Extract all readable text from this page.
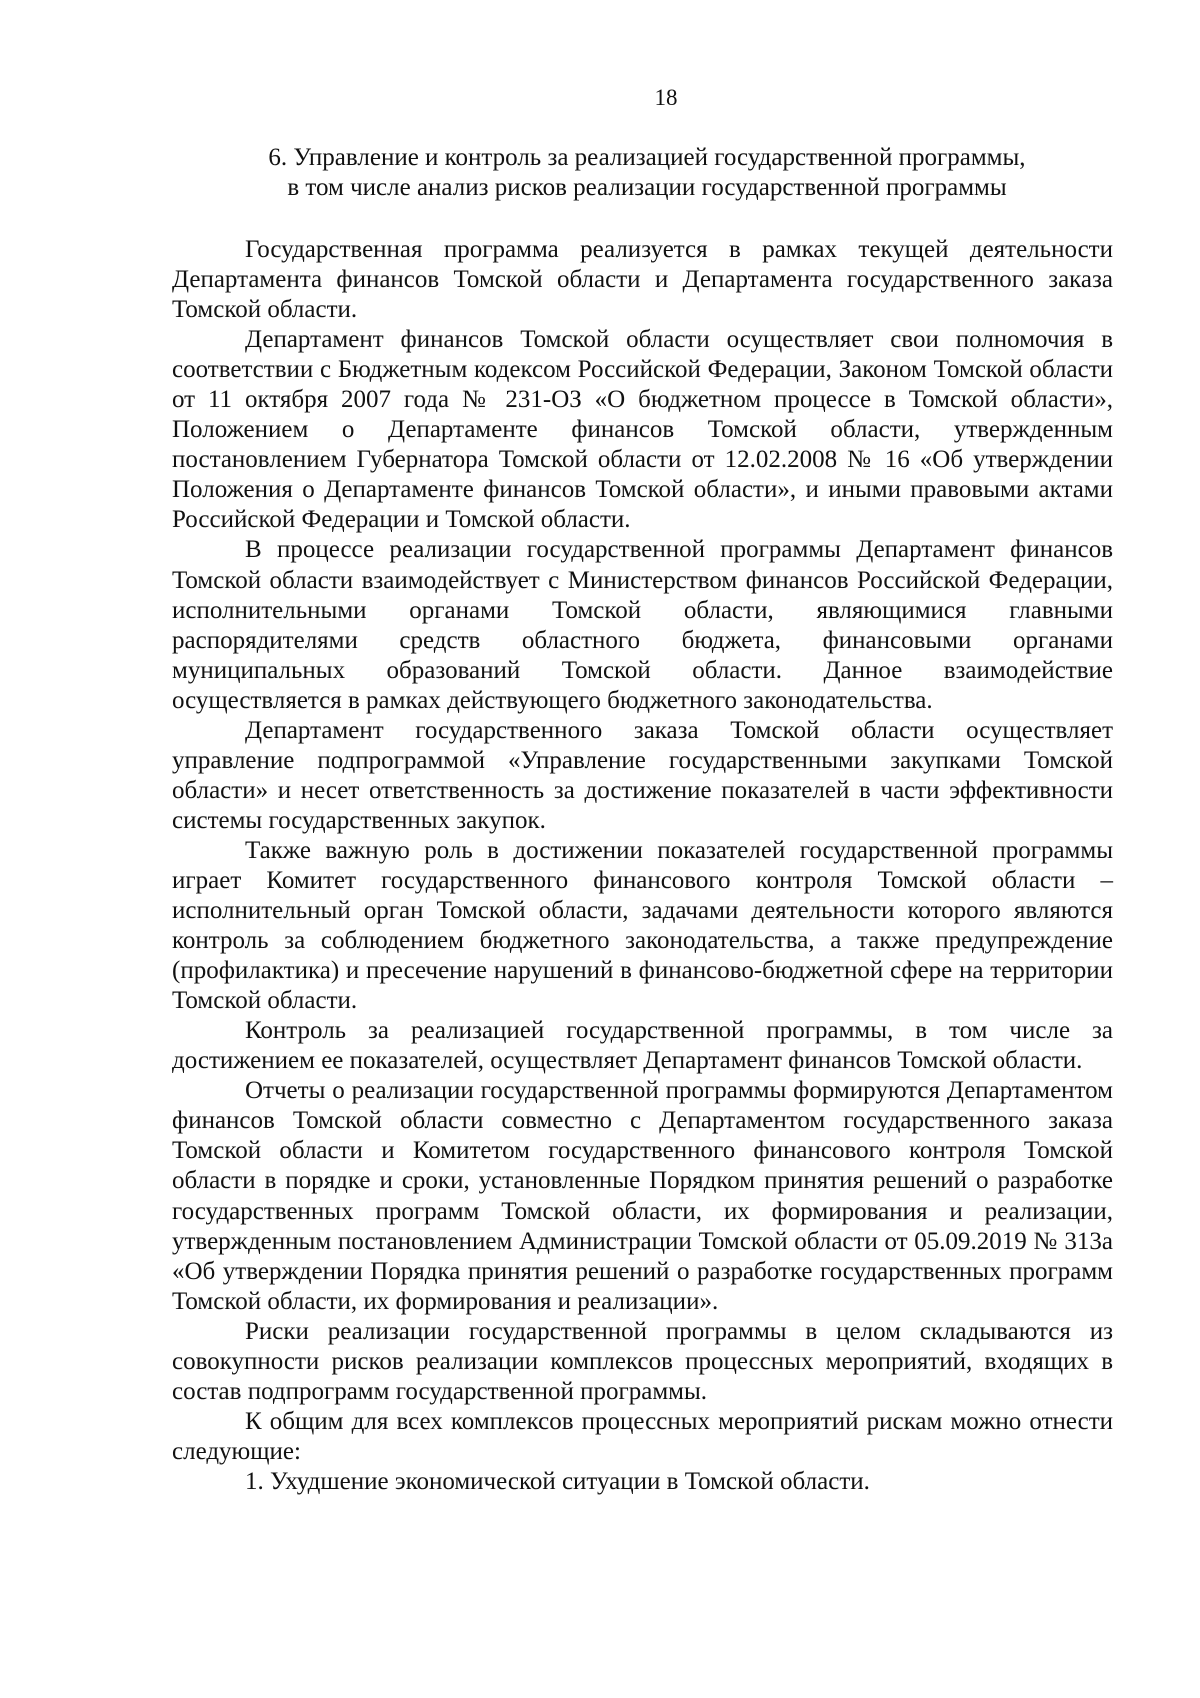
18
6. Управление и контроль за реализацией государственной программы,
в том числе анализ рисков реализации государственной программы

Государственная программа реализуется в рамках текущей деятельности Департамента финансов Томской области и Департамента государственного заказа Томской области.

Департамент финансов Томской области осуществляет свои полномочия в соответствии с Бюджетным кодексом Российской Федерации, Законом Томской области от 11 октября 2007 года № 231-ОЗ «О бюджетном процессе в Томской области», Положением о Департаменте финансов Томской области, утвержденным постановлением Губернатора Томской области от 12.02.2008 № 16 «Об утверждении Положения о Департаменте финансов Томской области», и иными правовыми актами Российской Федерации и Томской области.

В процессе реализации государственной программы Департамент финансов Томской области взаимодействует с Министерством финансов Российской Федерации, исполнительными органами Томской области, являющимися главными распорядителями средств областного бюджета, финансовыми органами муниципальных образований Томской области. Данное взаимодействие осуществляется в рамках действующего бюджетного законодательства.

Департамент государственного заказа Томской области осуществляет управление подпрограммой «Управление государственными закупками Томской области» и несет ответственность за достижение показателей в части эффективности системы государственных закупок.

Также важную роль в достижении показателей государственной программы играет Комитет государственного финансового контроля Томской области – исполнительный орган Томской области, задачами деятельности которого являются контроль за соблюдением бюджетного законодательства, а также предупреждение (профилактика) и пресечение нарушений в финансово-бюджетной сфере на территории Томской области.

Контроль за реализацией государственной программы, в том числе за достижением ее показателей, осуществляет Департамент финансов Томской области.

Отчеты о реализации государственной программы формируются Департаментом финансов Томской области совместно с Департаментом государственного заказа Томской области и Комитетом государственного финансового контроля Томской области в порядке и сроки, установленные Порядком принятия решений о разработке государственных программ Томской области, их формирования и реализации, утвержденным постановлением Администрации Томской области от 05.09.2019 № 313а «Об утверждении Порядка принятия решений о разработке государственных программ Томской области, их формирования и реализации».

Риски реализации государственной программы в целом складываются из совокупности рисков реализации комплексов процессных мероприятий, входящих в состав подпрограмм государственной программы.

К общим для всех комплексов процессных мероприятий рискам можно отнести следующие:

1. Ухудшение экономической ситуации в Томской области.
